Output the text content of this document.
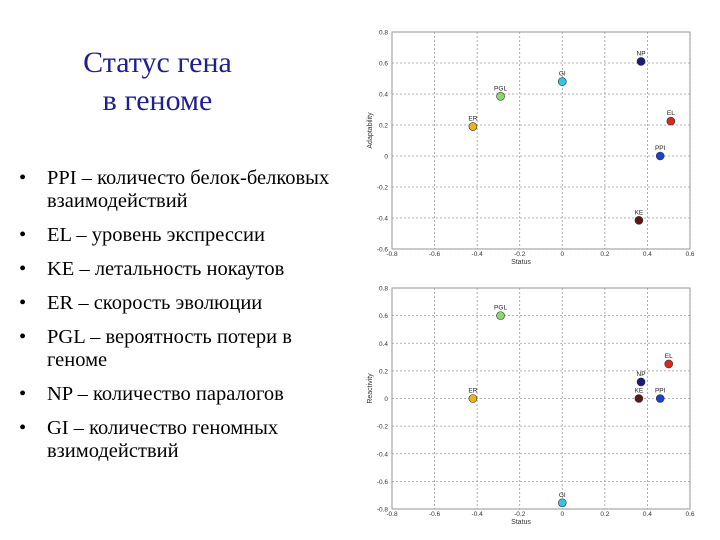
Статус гена
в геноме
• PPI – количесто белок-белковых взаимодействий
• EL – уровень экспрессии
• KE – летальность нокаутов
• ER – скорость эволюции
• PGL – вероятность потери в геноме
• NP – количество паралогов
• GI – количество геномных взимодействий
-0.8	-0.6	-0.4	-0.2	0	0.2	0.4	0.6
-0.6
-0.4
-0.2
0
0.2
0.4
0.6
0.8
Status
Adaptability
NP
GI
PGL
ER
EL
PPI
KE
-0.8	-0.6	-0.4	-0.2	0	0.2	0.4	0.6
-0.8
-0.6
-0.4
-0.2
0
0.2
0.4
0.6
0.8
Status
Reactivity
PGL
EL
NP
PPI
KE
ER
GI
